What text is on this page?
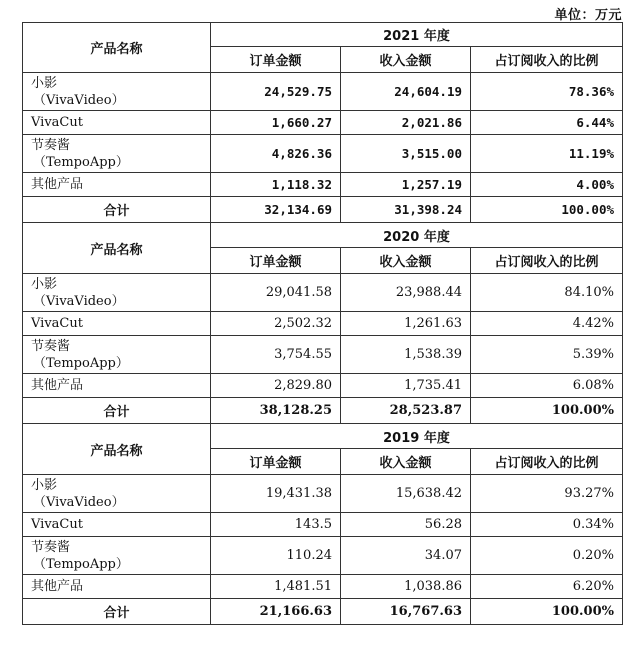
单位：万元
产品名称	2021 年度		
	订单金额	收入金额	占订阅收入的比例
小影
（VivaVideo）	24,529.75	24,604.19	78.36%
VivaCut	1,660.27	2,021.86	6.44%
节奏酱
（TempoApp）	4,826.36	3,515.00	11.19%
其他产品	1,118.32	1,257.19	4.00%
合计	32,134.69	31,398.24	100.00%
产品名称	2020 年度		
	订单金额	收入金额	占订阅收入的比例
小影
（VivaVideo）	29,041.58	23,988.44	84.10%
VivaCut	2,502.32	1,261.63	4.42%
节奏酱
（TempoApp）	3,754.55	1,538.39	5.39%
其他产品	2,829.80	1,735.41	6.08%
合计	38,128.25	28,523.87	100.00%
产品名称	2019 年度		
	订单金额	收入金额	占订阅收入的比例
小影
（VivaVideo）	19,431.38	15,638.42	93.27%
VivaCut	143.5	56.28	0.34%
节奏酱
（TempoApp）	110.24	34.07	0.20%
其他产品	1,481.51	1,038.86	6.20%
合计	21,166.63	16,767.63	100.00%
